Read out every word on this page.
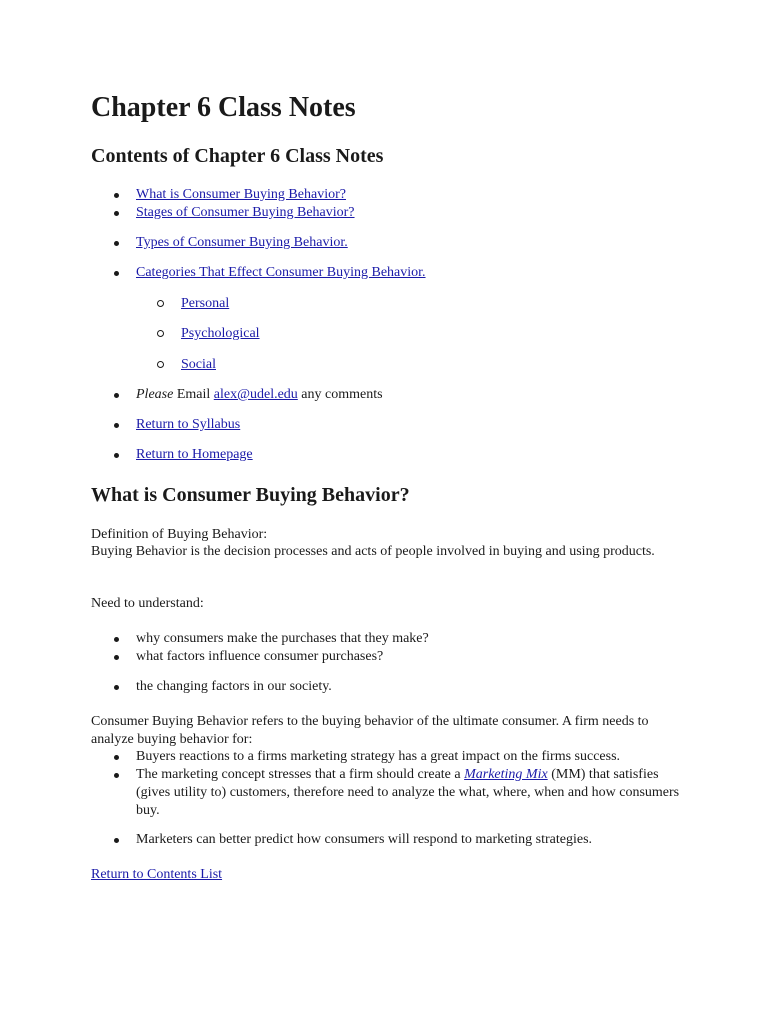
Chapter 6 Class Notes
Contents of Chapter 6 Class Notes
What is Consumer Buying Behavior?
Stages of Consumer Buying Behavior?
Types of Consumer Buying Behavior.
Categories That Effect Consumer Buying Behavior.
Personal
Psychological
Social
Please Email alex@udel.edu any comments
Return to Syllabus
Return to Homepage
What is Consumer Buying Behavior?
Definition of Buying Behavior:
Buying Behavior is the decision processes and acts of people involved in buying and using products.
Need to understand:
why consumers make the purchases that they make?
what factors influence consumer purchases?
the changing factors in our society.
Consumer Buying Behavior refers to the buying behavior of the ultimate consumer. A firm needs to analyze buying behavior for:
Buyers reactions to a firms marketing strategy has a great impact on the firms success.
The marketing concept stresses that a firm should create a Marketing Mix (MM) that satisfies (gives utility to) customers, therefore need to analyze the what, where, when and how consumers buy.
Marketers can better predict how consumers will respond to marketing strategies.
Return to Contents List
